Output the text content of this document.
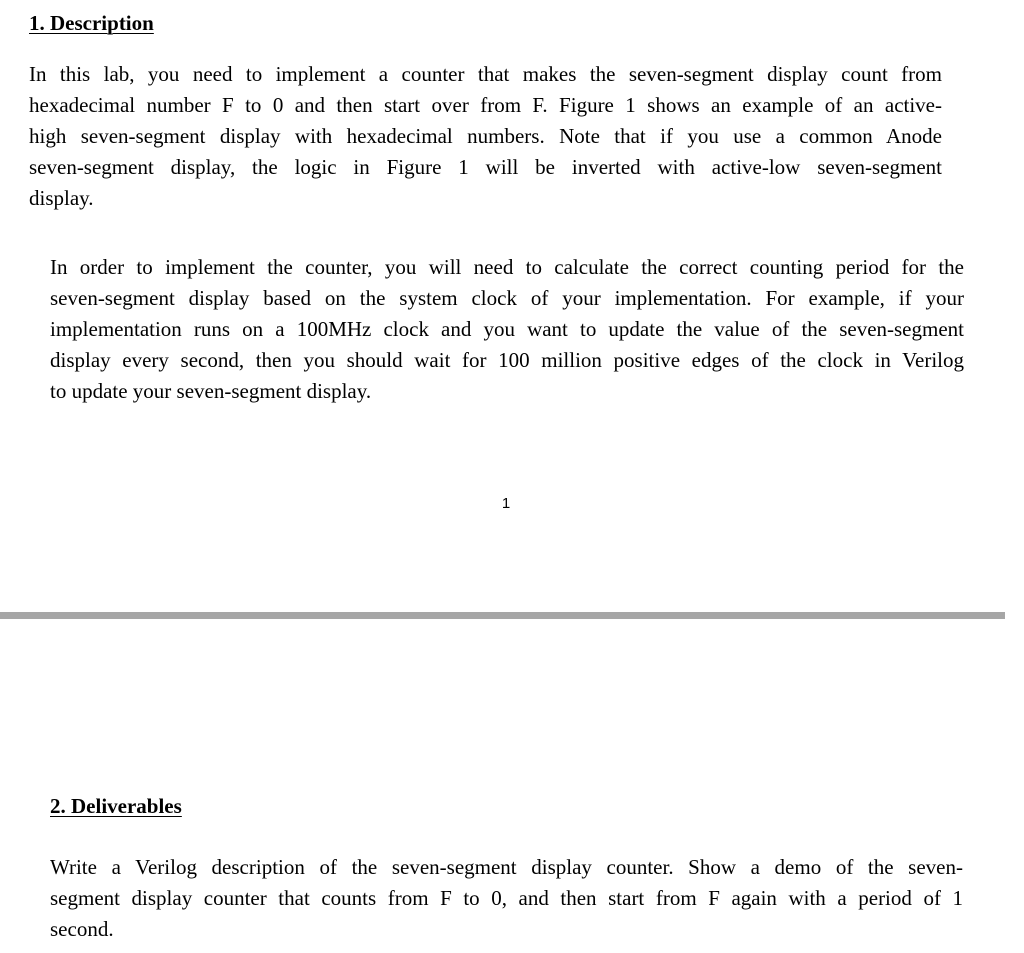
1. Description
In this lab, you need to implement a counter that makes the seven-segment display count from
hexadecimal number F to 0 and then start over from F. Figure 1 shows an example of an active-
high seven-segment display with hexadecimal numbers. Note that if you use a common Anode
seven-segment display, the logic in Figure 1 will be inverted with active-low seven-segment
display.
In order to implement the counter, you will need to calculate the correct counting period for the
seven-segment display based on the system clock of your implementation. For example, if your
implementation runs on a 100MHz clock and you want to update the value of the seven-segment
display every second, then you should wait for 100 million positive edges of the clock in Verilog
to update your seven-segment display.
1
2. Deliverables
Write a Verilog description of the seven-segment display counter. Show a demo of the seven-
segment display counter that counts from F to 0, and then start from F again with a period of 1
second.
